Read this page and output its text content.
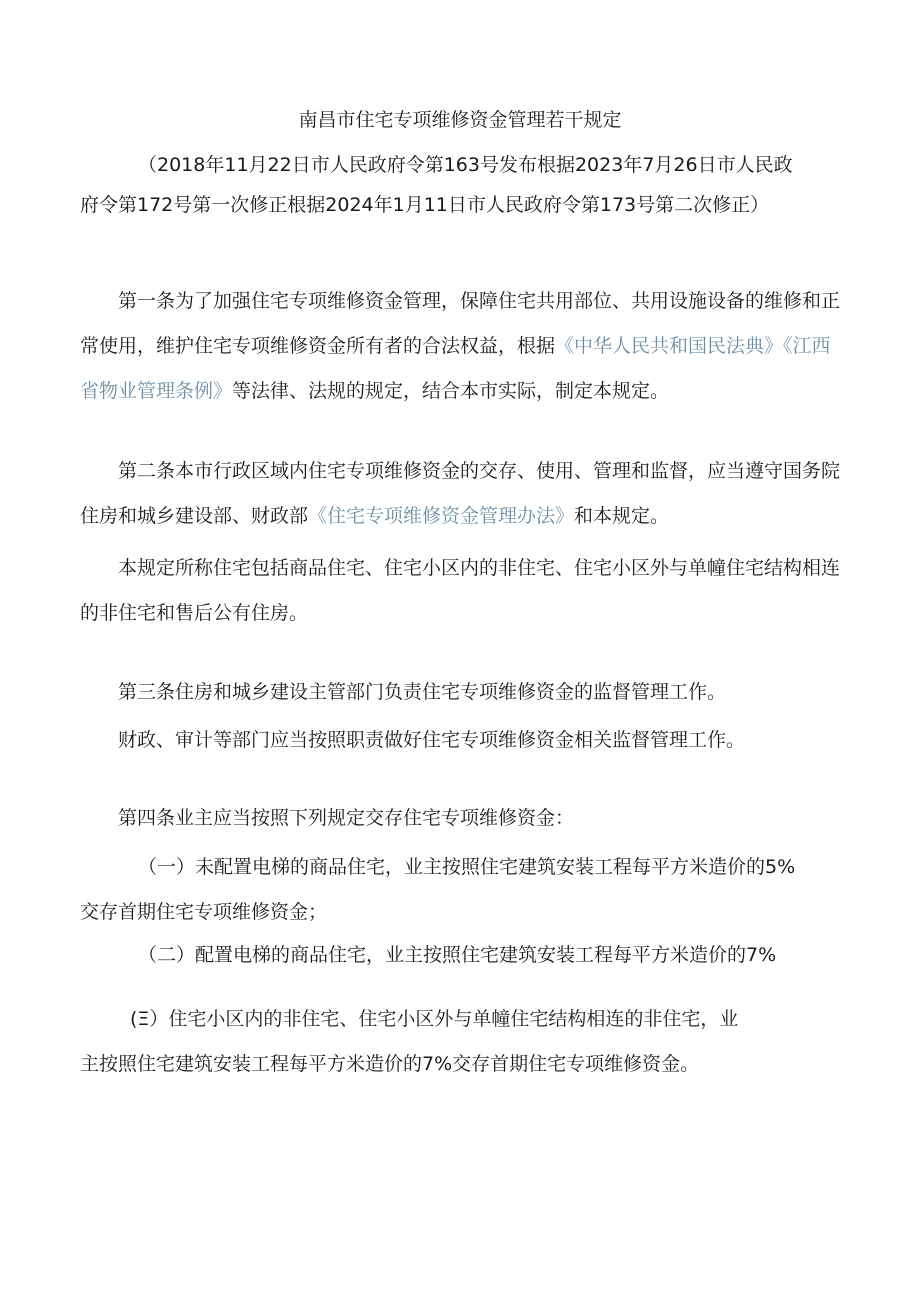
南昌市住宅专项维修资金管理若干规定
（2018年11月22日市人民政府令第163号发布根据2023年7月26日市人民政
府令第172号第一次修正根据2024年1月11日市人民政府令第173号第二次修正）
第一条为了加强住宅专项维修资金管理，保障住宅共用部位、共用设施设备的维修和正常使用，维护住宅专项维修资金所有者的合法权益，根据《中华人民共和国民法典》《江西省物业管理条例》等法律、法规的规定，结合本市实际，制定本规定。
第二条本市行政区域内住宅专项维修资金的交存、使用、管理和监督，应当遵守国务院住房和城乡建设部、财政部《住宅专项维修资金管理办法》和本规定。
本规定所称住宅包括商品住宅、住宅小区内的非住宅、住宅小区外与单幢住宅结构相连的非住宅和售后公有住房。
第三条住房和城乡建设主管部门负责住宅专项维修资金的监督管理工作。
财政、审计等部门应当按照职责做好住宅专项维修资金相关监督管理工作。
第四条业主应当按照下列规定交存住宅专项维修资金：
（一）未配置电梯的商品住宅，业主按照住宅建筑安装工程每平方米造价的5%
交存首期住宅专项维修资金；
（二）配置电梯的商品住宅，业主按照住宅建筑安装工程每平方米造价的7%
(Ξ）住宅小区内的非住宅、住宅小区外与单幢住宅结构相连的非住宅，业
主按照住宅建筑安装工程每平方米造价的7%交存首期住宅专项维修资金。
